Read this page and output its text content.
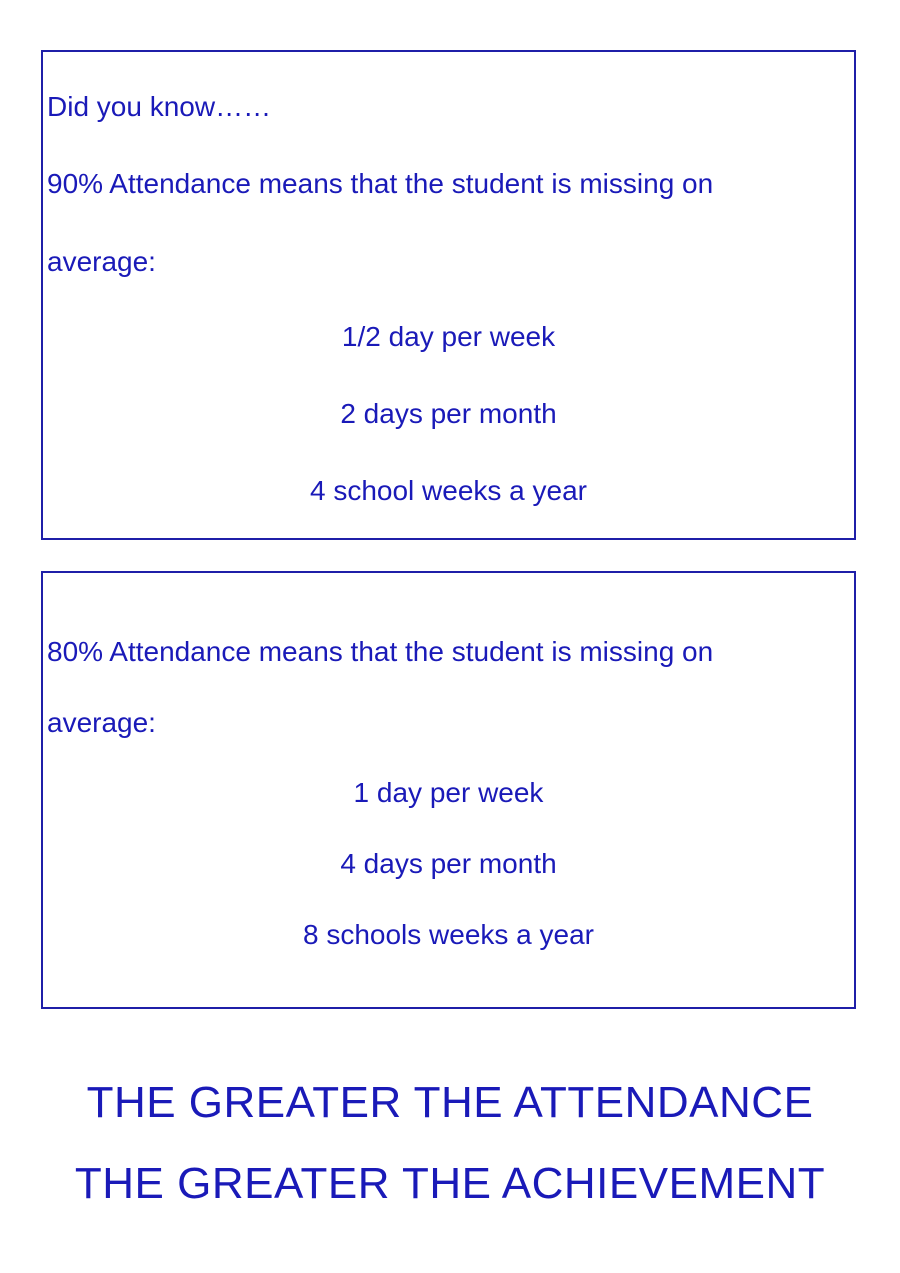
Did you know……
90% Attendance means that the student is missing on
average:
1/2 day per week
2 days per month
4 school weeks a year
80% Attendance means that the student is missing on
average:
1 day per week
4 days per month
8 schools weeks a year
THE GREATER THE ATTENDANCE
THE GREATER THE ACHIEVEMENT
